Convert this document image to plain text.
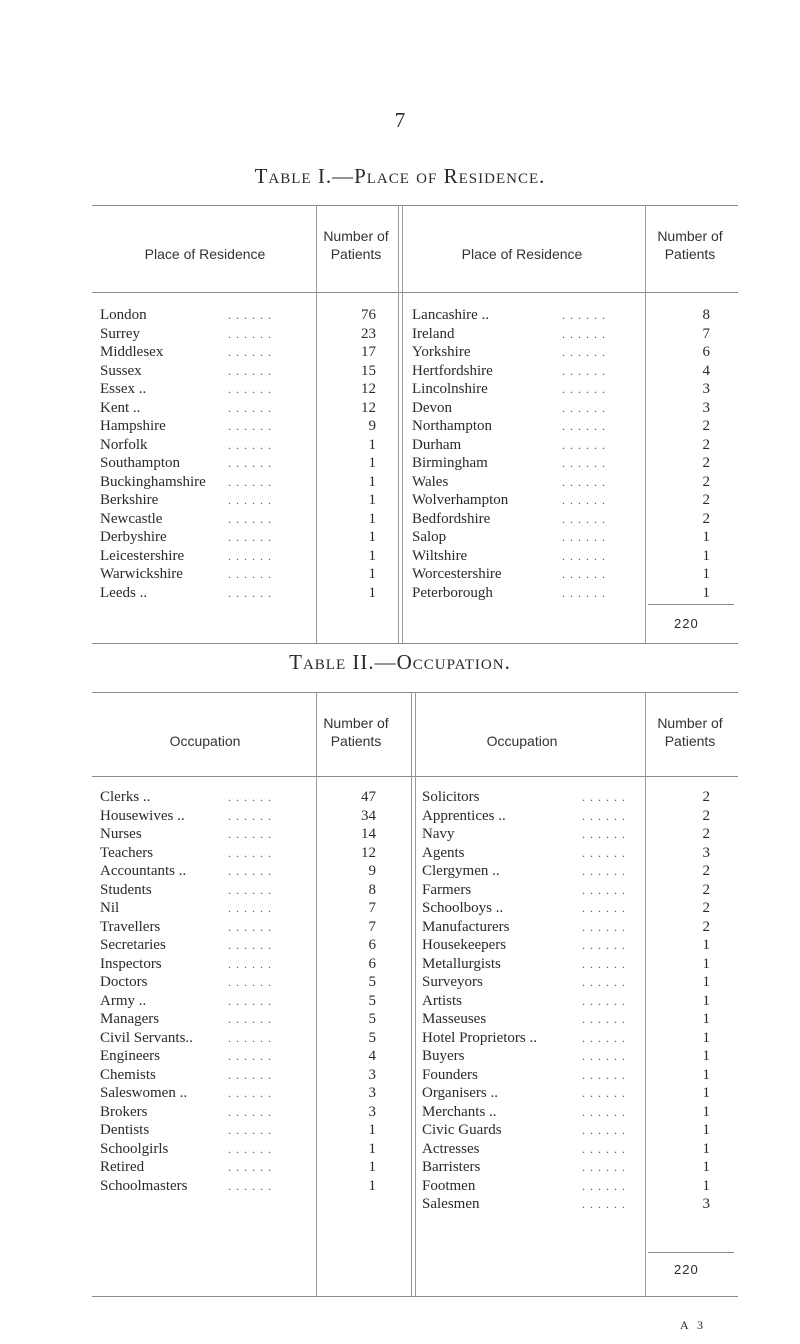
7
Table I.—Place of Residence.
Place of Residence
Number of Patients	Place of Residence
Number of Patients
London	. . . . . .	76
Surrey	. . . . . .	23
Middlesex	. . . . . .	17
Sussex	. . . . . .	15
Essex ..	. . . . . .	12
Kent ..	. . . . . .	12
Hampshire	. . . . . .	9
Norfolk	. . . . . .	1
Southampton	. . . . . .	1
Buckinghamshire . . . . . .	1
Berkshire	. . . . . .	1
Newcastle	. . . . . .	1
Derbyshire	. . . . . .	1
Leicestershire	. . . . . .	1
Warwickshire	. . . . . .	1
Leeds ..	. . . . . .	1
Lancashire ..	. . . . . .	8
Ireland	. . . . . .	7
Yorkshire	. . . . . .	6
Hertfordshire	. . . . . .	4
Lincolnshire	. . . . . .	3
Devon	. . . . . .	3
Northampton	. . . . . .	2
Durham	. . . . . .	2
Birmingham	. . . . . .	2
Wales	. . . . . .	2
Wolverhampton	. . . . . .	2
Bedfordshire	. . . . . .	2
Salop	. . . . . .	1
Wiltshire	. . . . . .	1
Worcestershire	. . . . . .	1
Peterborough	. . . . . .	1
220
Table II.—Occupation.
Occupation
Number of Patients	Occupation
Number of Patients
Clerks ..	. . . . . .	47
Housewives ..	. . . . . .	34
Nurses	. . . . . .	14
Teachers	. . . . . .	12
Accountants ..	. . . . . .	9
Students	. . . . . .	8
Nil	. . . . . .	7
Travellers	. . . . . .	7
Secretaries	. . . . . .	6
Inspectors	. . . . . .	6
Doctors	. . . . . .	5
Army ..	. . . . . .	5
Managers	. . . . . .	5
Civil Servants..	. . . . . .	5
Engineers	. . . . . .	4
Chemists	. . . . . .	3
Saleswomen ..	. . . . . .	3
Brokers	. . . . . .	3
Dentists	. . . . . .	1
Schoolgirls	. . . . . .	1
Retired	. . . . . .	1
Schoolmasters	. . . . . .	1
Solicitors	. . . . . .	2
Apprentices ..	. . . . . .	2
Navy	. . . . . .	2
Agents	. . . . . .	3
Clergymen ..	. . . . . .	2
Farmers	. . . . . .	2
Schoolboys ..	. . . . . .	2
Manufacturers	. . . . . .	2
Housekeepers	. . . . . .	1
Metallurgists	. . . . . .	1
Surveyors	. . . . . .	1
Artists	. . . . . .	1
Masseuses	. . . . . .	1
Hotel Proprietors ..	. . . . . .	1
Buyers	. . . . . .	1
Founders	. . . . . .	1
Organisers ..	. . . . . .	1
Merchants ..	. . . . . .	1
Civic Guards	. . . . . .	1
Actresses	. . . . . .	1
Barristers	. . . . . .	1
Footmen	. . . . . .	1
Salesmen	. . . . . .	3
220
A 3
